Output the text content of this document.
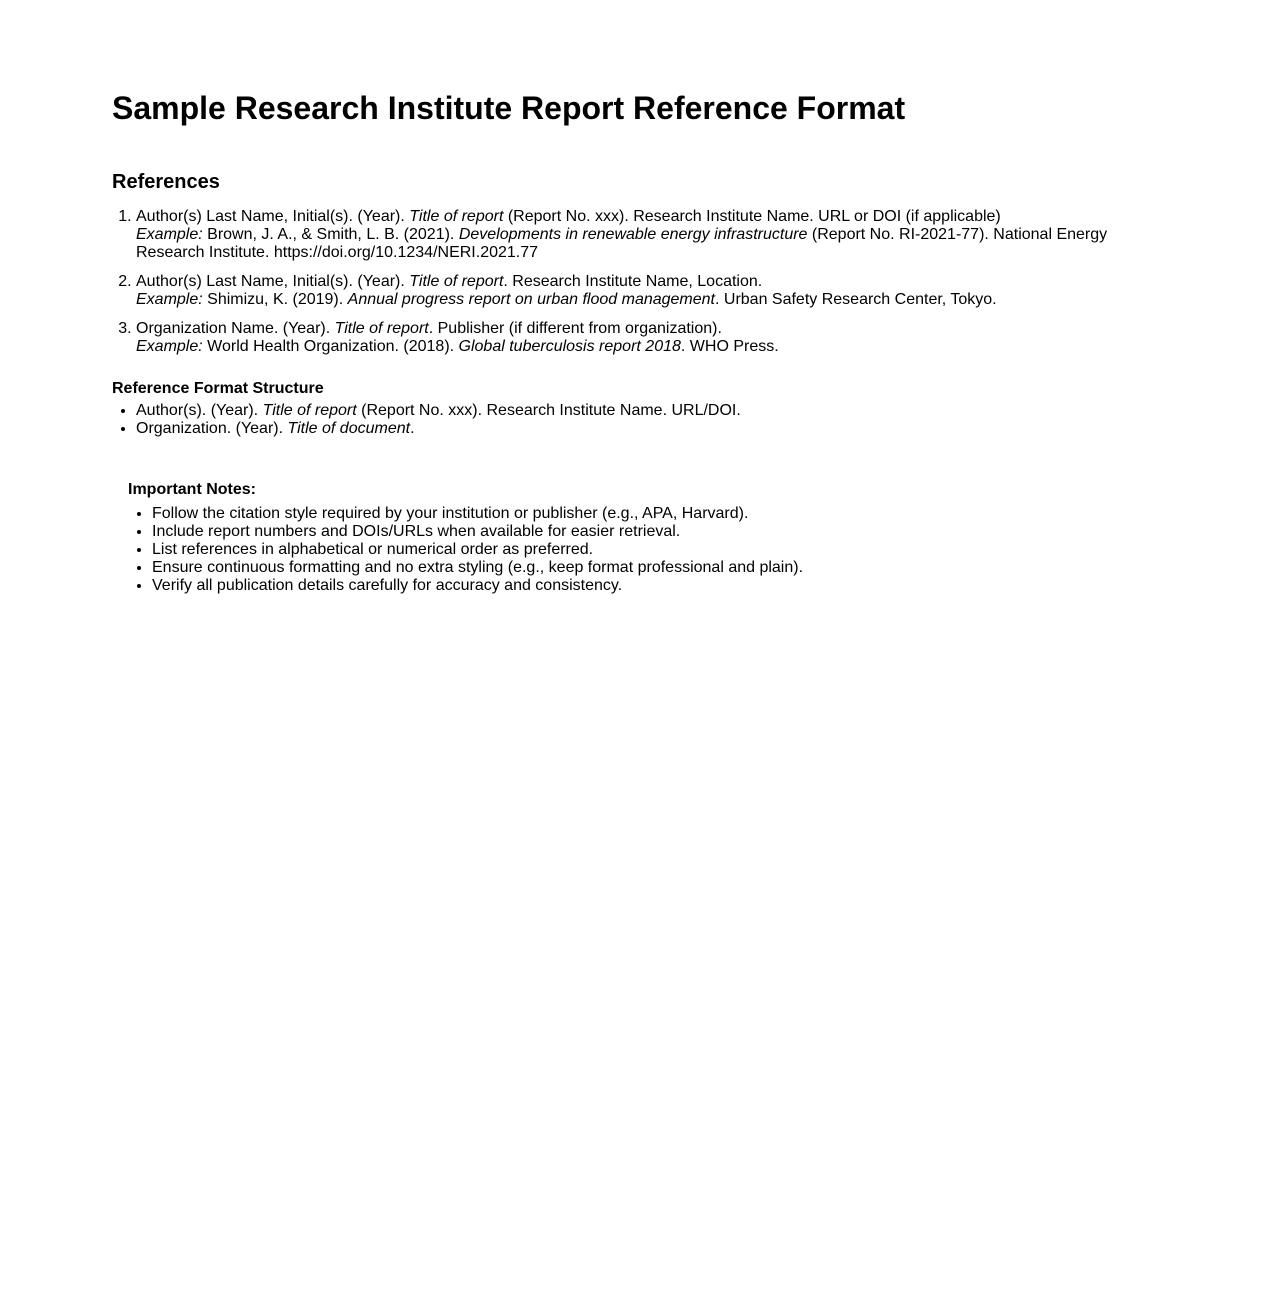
Sample Research Institute Report Reference Format
References
1. Author(s) Last Name, Initial(s). (Year). Title of report (Report No. xxx). Research Institute Name. URL or DOI (if applicable)
Example: Brown, J. A., & Smith, L. B. (2021). Developments in renewable energy infrastructure (Report No. RI-2021-77). National Energy Research Institute. https://doi.org/10.1234/NERI.2021.77
2. Author(s) Last Name, Initial(s). (Year). Title of report. Research Institute Name, Location.
Example: Shimizu, K. (2019). Annual progress report on urban flood management. Urban Safety Research Center, Tokyo.
3. Organization Name. (Year). Title of report. Publisher (if different from organization).
Example: World Health Organization. (2018). Global tuberculosis report 2018. WHO Press.
Reference Format Structure
• Author(s). (Year). Title of report (Report No. xxx). Research Institute Name. URL/DOI.
• Organization. (Year). Title of document.

Important Notes:

• Follow the citation style required by your institution or publisher (e.g., APA, Harvard).
• Include report numbers and DOIs/URLs when available for easier retrieval.
• List references in alphabetical or numerical order as preferred.
• Ensure continuous formatting and no extra styling (e.g., keep format professional and plain).
• Verify all publication details carefully for accuracy and consistency.
